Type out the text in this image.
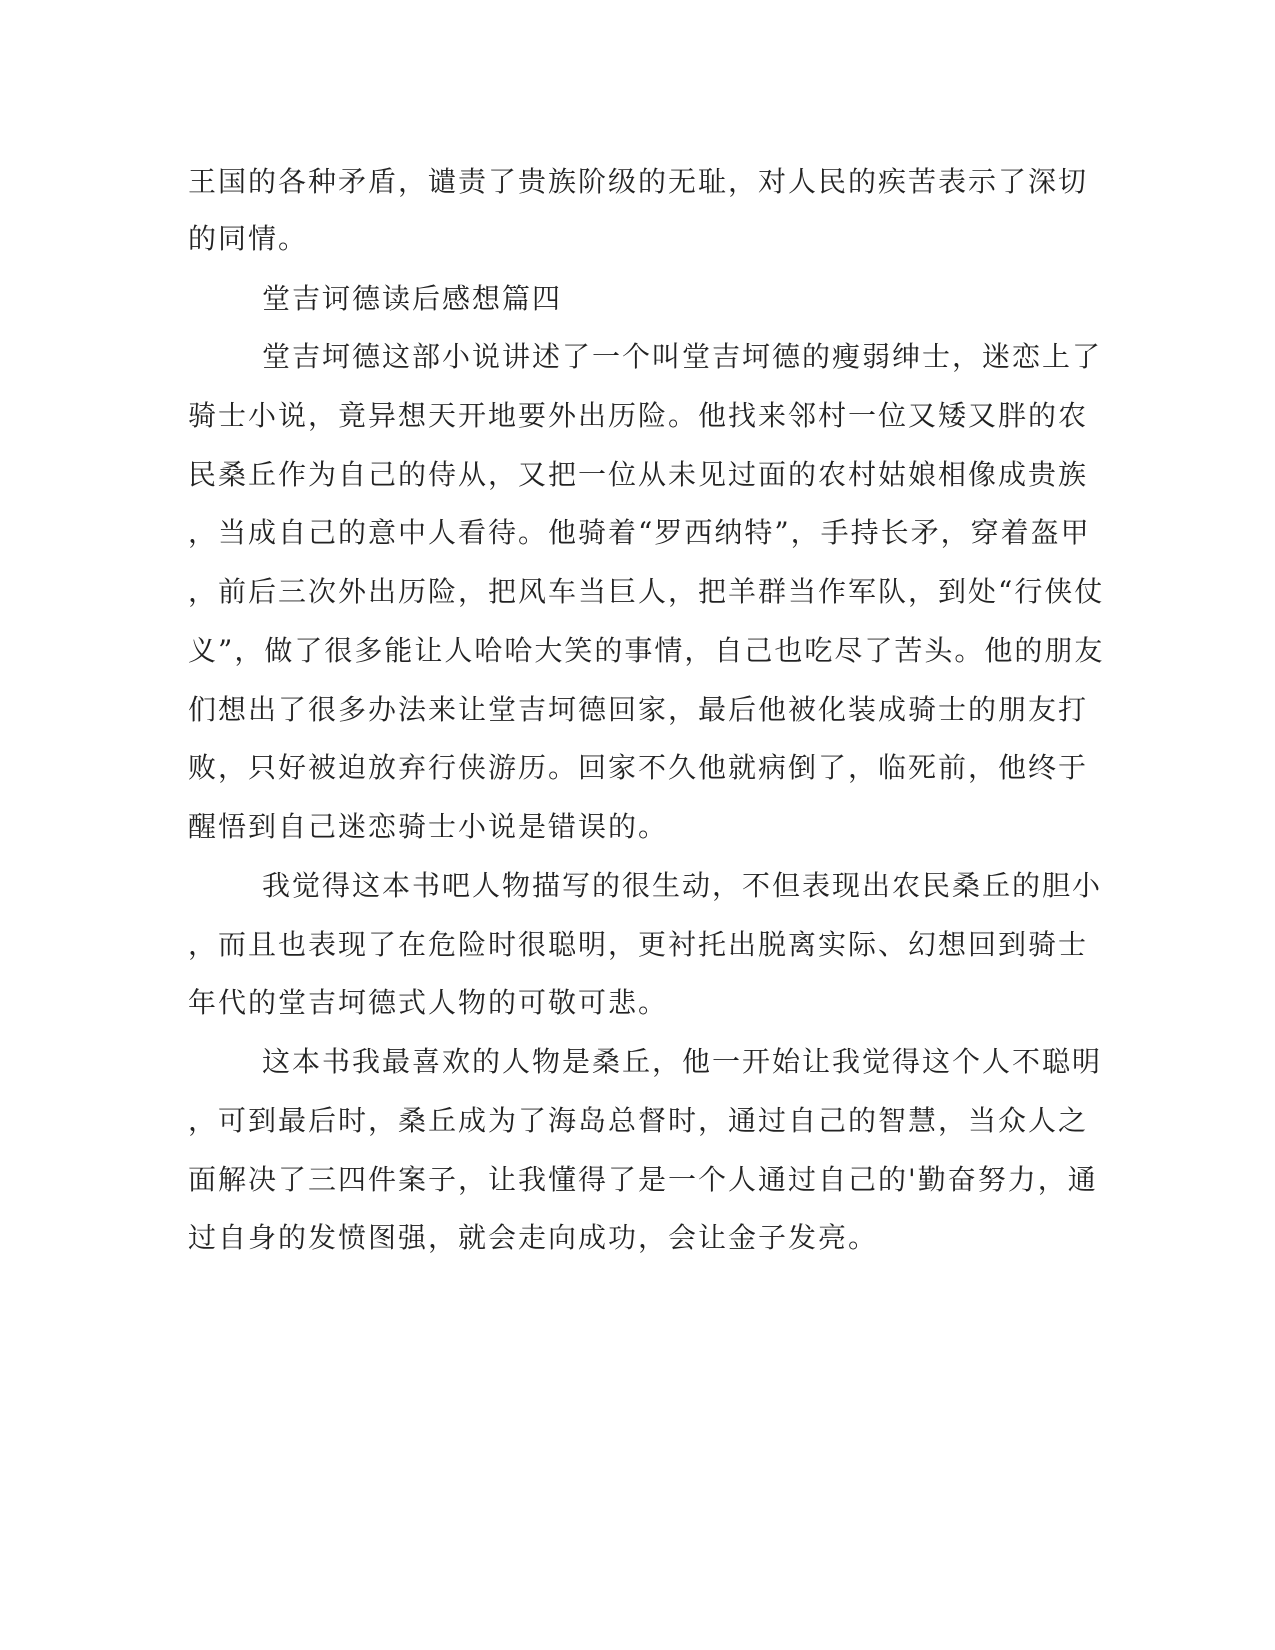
王国的各种矛盾，谴责了贵族阶级的无耻，对人民的疾苦表示了深切
的同情。
堂吉诃德读后感想篇四
堂吉坷德这部小说讲述了一个叫堂吉坷德的瘦弱绅士，迷恋上了
骑士小说，竟异想天开地要外出历险。他找来邻村一位又矮又胖的农
民桑丘作为自己的侍从，又把一位从未见过面的农村姑娘相像成贵族
，当成自己的意中人看待。他骑着“罗西纳特”，手持长矛，穿着盔甲
，前后三次外出历险，把风车当巨人，把羊群当作军队，到处“行侠仗
义”，做了很多能让人哈哈大笑的事情，自己也吃尽了苦头。他的朋友
们想出了很多办法来让堂吉坷德回家，最后他被化装成骑士的朋友打
败，只好被迫放弃行侠游历。回家不久他就病倒了，临死前，他终于
醒悟到自己迷恋骑士小说是错误的。
我觉得这本书吧人物描写的很生动，不但表现出农民桑丘的胆小
，而且也表现了在危险时很聪明，更衬托出脱离实际、幻想回到骑士
年代的堂吉坷德式人物的可敬可悲。
这本书我最喜欢的人物是桑丘，他一开始让我觉得这个人不聪明
，可到最后时，桑丘成为了海岛总督时，通过自己的智慧，当众人之
面解决了三四件案子，让我懂得了是一个人通过自己的'勤奋努力，通
过自身的发愤图强，就会走向成功，会让金子发亮。
